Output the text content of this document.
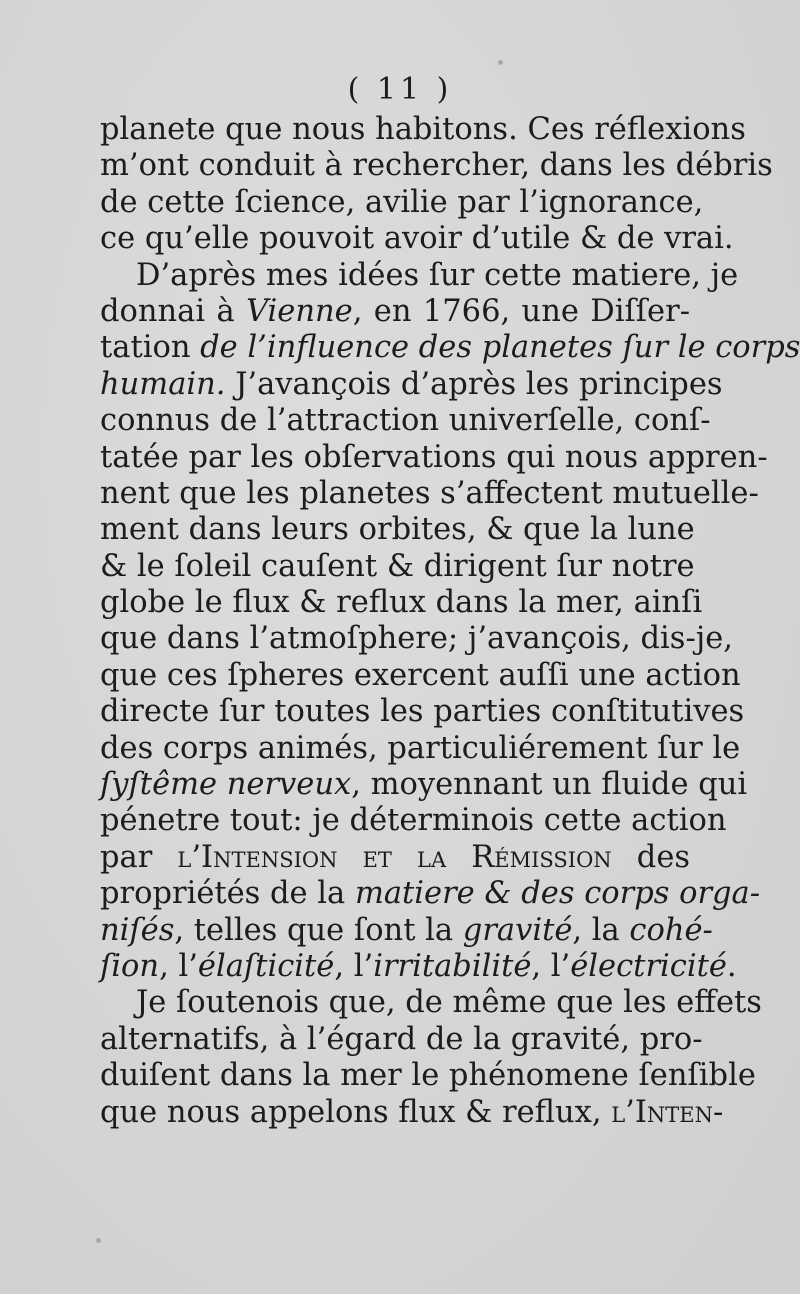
( 11 )
planete que nous habitons. Ces réflexions
m’ont conduit à rechercher, dans les débris
de cette ſcience, avilie par l’ignorance,
ce qu’elle pouvoit avoir d’utile & de vrai.
D’après mes idées ſur cette matiere, je
donnai à Vienne, en 1766, une Diſſer-
tation de l’influence des planetes ſur le corps
humain. J’avançois d’après les principes
connus de l’attraction univerſelle, conſ-
tatée par les obſervations qui nous appren-
nent que les planetes s’affectent mutuelle-
ment dans leurs orbites, & que la lune
& le ſoleil cauſent & dirigent ſur notre
globe le flux & reflux dans la mer, ainſi
que dans l’atmoſphere; j’avançois, dis-je,
que ces ſpheres exercent auſſi une action
directe ſur toutes les parties conſtitutives
des corps animés, particuliérement ſur le
ſyſtême nerveux, moyennant un fluide qui
pénetre tout: je déterminois cette action
par l’Intension et la Rémission des
propriétés de la matiere & des corps orga-
niſés, telles que ſont la gravité, la cohé-
ſion, l’élaſticité, l’irritabilité, l’électricité.
Je ſoutenois que, de même que les effets
alternatifs, à l’égard de la gravité, pro-
duiſent dans la mer le phénomene ſenſible
que nous appelons flux & reflux, l’Inten-
